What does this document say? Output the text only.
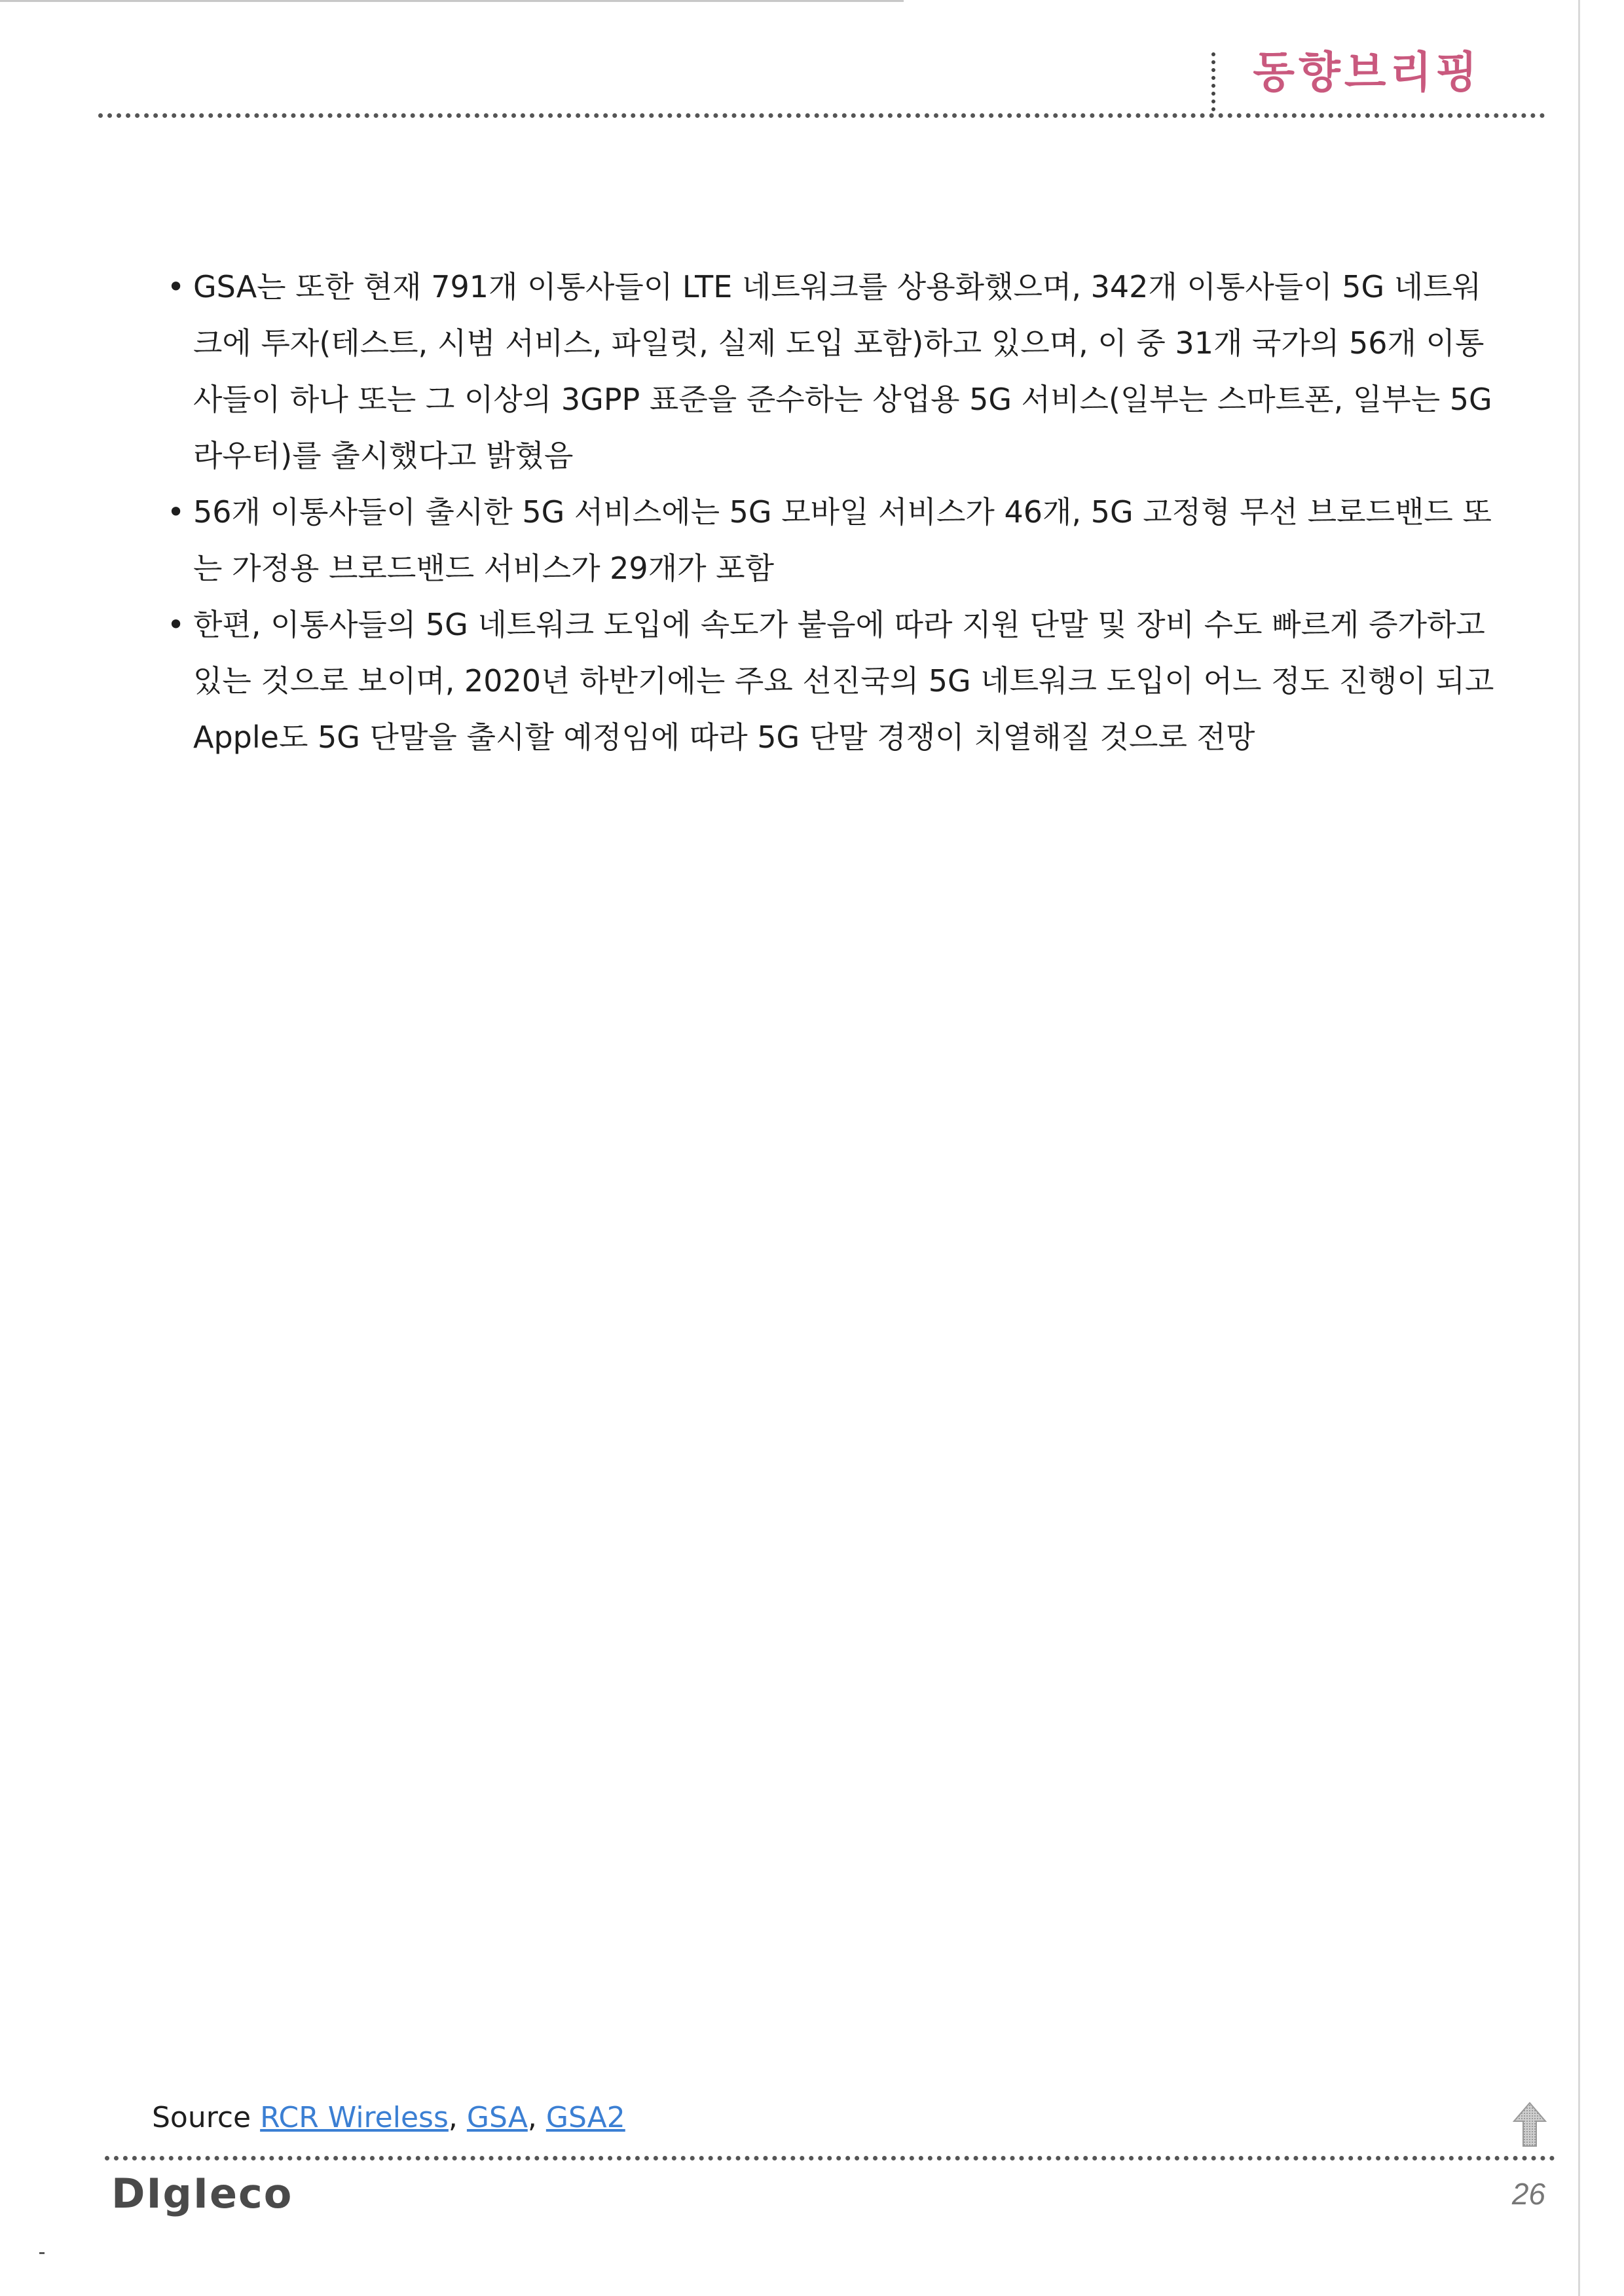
동향브리핑
• GSA는 또한 현재 791개 이통사들이 LTE 네트워크를 상용화했으며, 342개 이통사들이 5G 네트워크에 투자(테스트, 시범 서비스, 파일럿, 실제 도입 포함)하고 있으며, 이 중 31개 국가의 56개 이통사들이 하나 또는 그 이상의 3GPP 표준을 준수하는 상업용 5G 서비스(일부는 스마트폰, 일부는 5G 라우터)를 출시했다고 밝혔음
• 56개 이통사들이 출시한 5G 서비스에는 5G 모바일 서비스가 46개, 5G 고정형 무선 브로드밴드 또는 가정용 브로드밴드 서비스가 29개가 포함
• 한편, 이통사들의 5G 네트워크 도입에 속도가 붙음에 따라 지원 단말 및 장비 수도 빠르게 증가하고 있는 것으로 보이며, 2020년 하반기에는 주요 선진국의 5G 네트워크 도입이 어느 정도 진행이 되고 Apple도 5G 단말을 출시할 예정임에 따라 5G 단말 경쟁이 치열해질 것으로 전망
Source RCR Wireless, GSA, GSA2
DIgIeco	26
